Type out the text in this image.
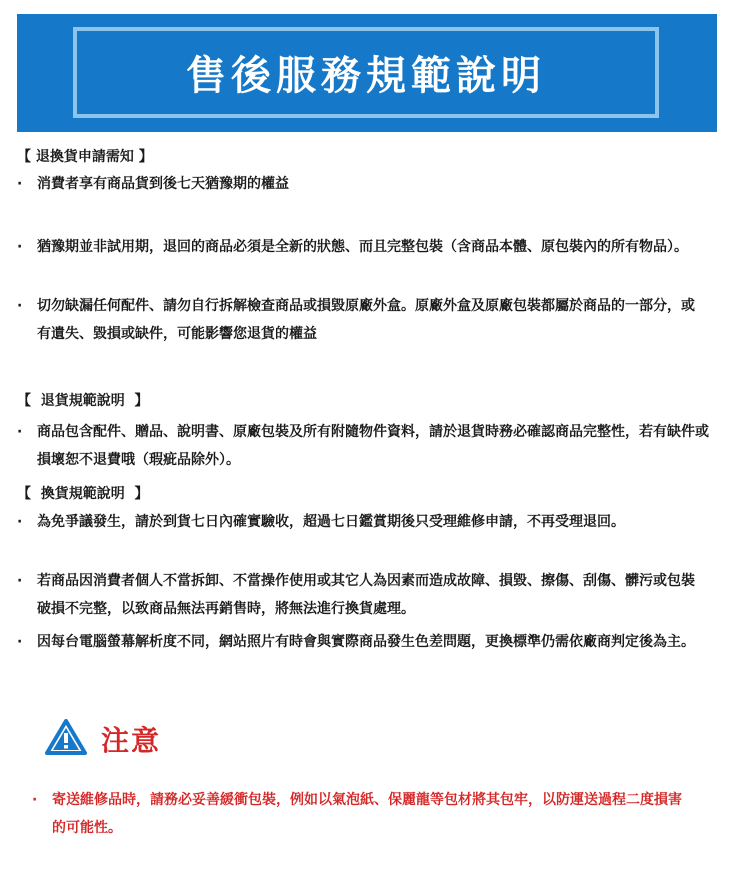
售後服務規範說明
【 退換貨申請需知 】
·	消費者享有商品貨到後七天猶豫期的權益
·	猶豫期並非試用期，退回的商品必須是全新的狀態、而且完整包裝（含商品本體、原包裝內的所有物品）。
·	切勿缺漏任何配件、請勿自行拆解檢查商品或損毀原廠外盒。原廠外盒及原廠包裝都屬於商品的一部分，或有遺失、毀損或缺件，可能影響您退貨的權益
【  退貨規範說明  】
·	商品包含配件、贈品、說明書、原廠包裝及所有附隨物件資料，請於退貨時務必確認商品完整性，若有缺件或損壞恕不退費哦（瑕疵品除外）。
【  換貨規範說明  】
·	為免爭議發生，請於到貨七日內確實驗收，超過七日鑑賞期後只受理維修申請，不再受理退回。
·	若商品因消費者個人不當拆卸、不當操作使用或其它人為因素而造成故障、損毀、擦傷、刮傷、髒污或包裝破損不完整，以致商品無法再銷售時，將無法進行換貨處理。
·	因每台電腦螢幕解析度不同，網站照片有時會與實際商品發生色差問題，更換標準仍需依廠商判定後為主。
注意
·	寄送維修品時，請務必妥善緩衝包裝，例如以氣泡紙、保麗龍等包材將其包牢，以防運送過程二度損害的可能性。
